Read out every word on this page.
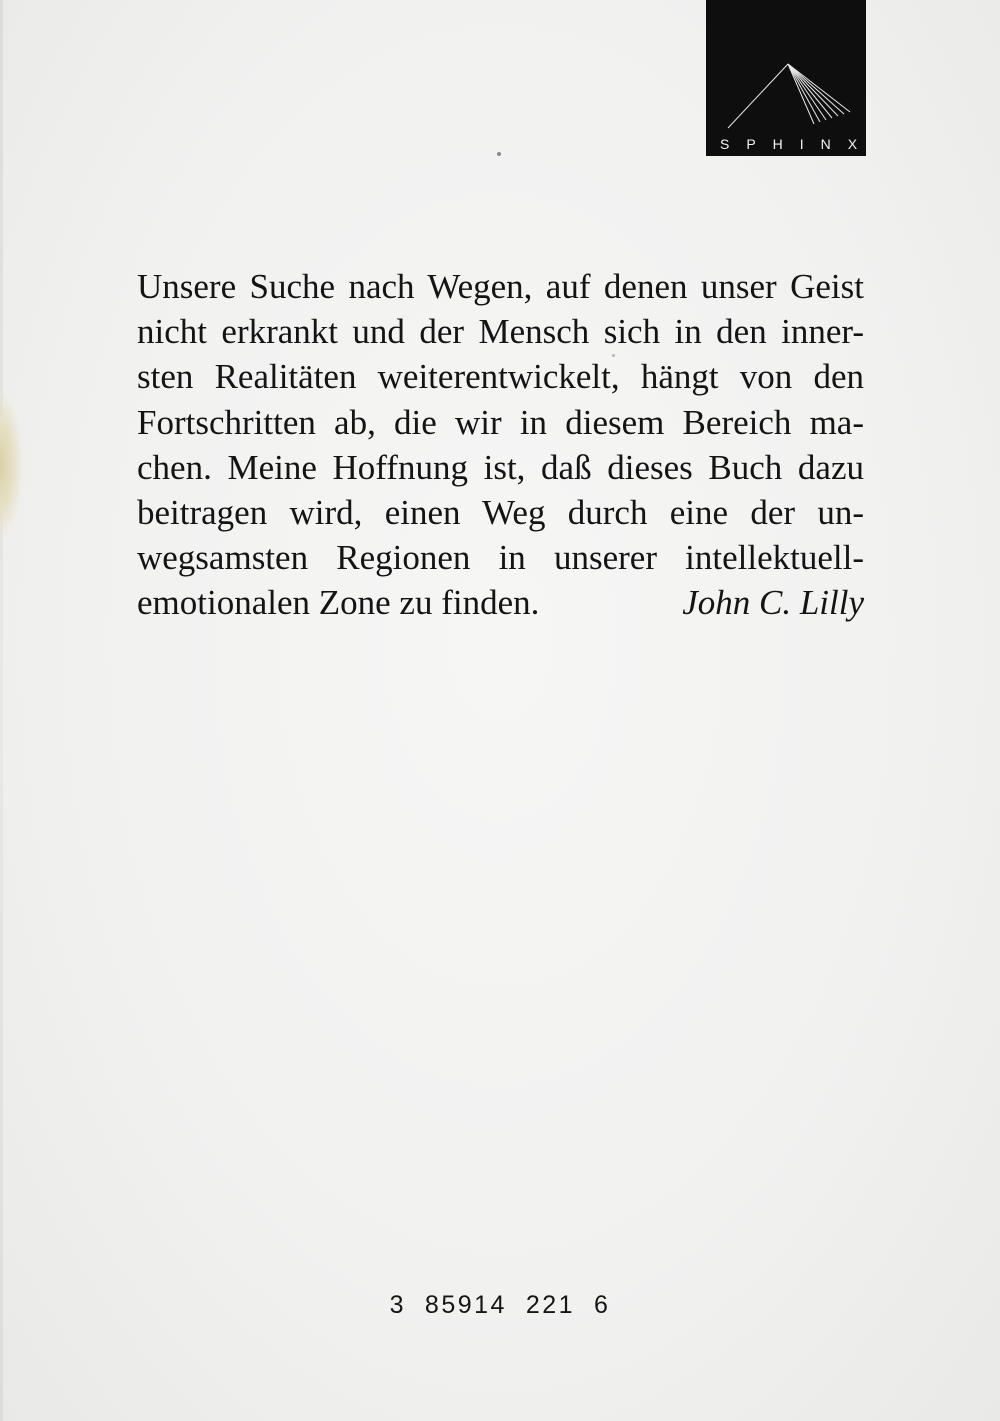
SPHINX
Unsere Suche nach Wegen, auf denen unser Geist
nicht erkrankt und der Mensch sich in den inner-
sten Realitäten weiterentwickelt, hängt von den
Fortschritten ab, die wir in diesem Bereich ma-
chen. Meine Hoffnung ist, daß dieses Buch dazu
beitragen wird, einen Weg durch eine der un-
wegsamsten Regionen in unserer intellektuell-
emotionalen Zone zu finden.	John C. Lilly
3  85914  221  6
